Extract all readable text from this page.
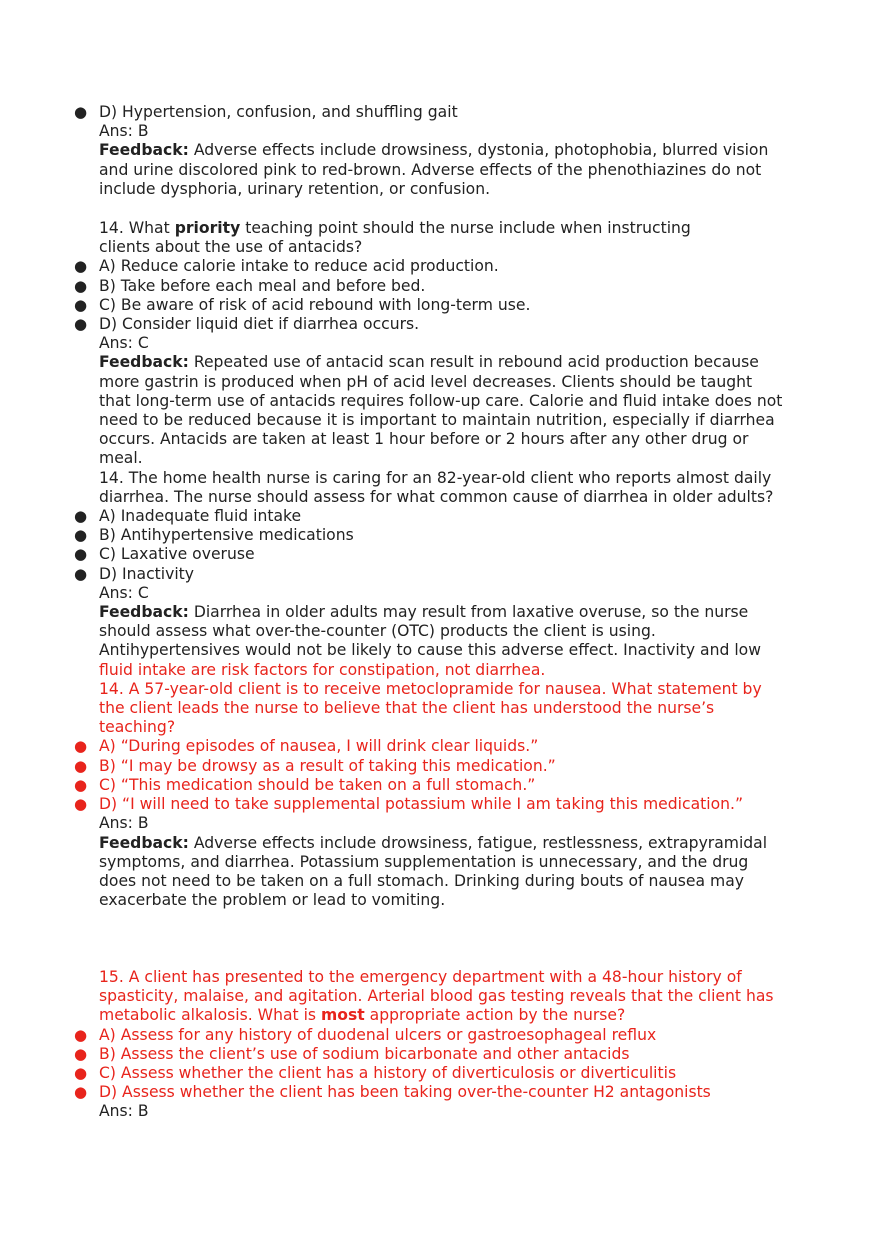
● D) Hypertension, confusion, and shuffling gait
Ans: B
Feedback: Adverse effects include drowsiness, dystonia, photophobia, blurred vision and urine discolored pink to red-brown. Adverse effects of the phenothiazines do not include dysphoria, urinary retention, or confusion.
14. What priority teaching point should the nurse include when instructing
clients about the use of antacids?
● A) Reduce calorie intake to reduce acid production.
● B) Take before each meal and before bed.
● C) Be aware of risk of acid rebound with long-term use.
● D) Consider liquid diet if diarrhea occurs.
Ans: C
Feedback: Repeated use of antacid scan result in rebound acid production because more gastrin is produced when pH of acid level decreases. Clients should be taught that long-term use of antacids requires follow-up care. Calorie and fluid intake does not need to be reduced because it is important to maintain nutrition, especially if diarrhea occurs. Antacids are taken at least 1 hour before or 2 hours after any other drug or meal.
14. The home health nurse is caring for an 82-year-old client who reports almost daily diarrhea. The nurse should assess for what common cause of diarrhea in older adults?
● A) Inadequate fluid intake
● B) Antihypertensive medications
● C) Laxative overuse
● D) Inactivity
Ans: C
Feedback: Diarrhea in older adults may result from laxative overuse, so the nurse should assess what over-the-counter (OTC) products the client is using. Antihypertensives would not be likely to cause this adverse effect. Inactivity and low
fluid intake are risk factors for constipation, not diarrhea.
14. A 57-year-old client is to receive metoclopramide for nausea. What statement by the client leads the nurse to believe that the client has understood the nurse’s teaching?
● A) “During episodes of nausea, I will drink clear liquids.”
● B) “I may be drowsy as a result of taking this medication.”
● C) “This medication should be taken on a full stomach.”
● D) “I will need to take supplemental potassium while I am taking this medication.”
Ans: B
Feedback: Adverse effects include drowsiness, fatigue, restlessness, extrapyramidal symptoms, and diarrhea. Potassium supplementation is unnecessary, and the drug does not need to be taken on a full stomach. Drinking during bouts of nausea may exacerbate the problem or lead to vomiting.
15. A client has presented to the emergency department with a 48-hour history of spasticity, malaise, and agitation. Arterial blood gas testing reveals that the client has metabolic alkalosis. What is most appropriate action by the nurse?
● A) Assess for any history of duodenal ulcers or gastroesophageal reflux
● B) Assess the client’s use of sodium bicarbonate and other antacids
● C) Assess whether the client has a history of diverticulosis or diverticulitis
● D) Assess whether the client has been taking over-the-counter H2 antagonists
Ans: B
